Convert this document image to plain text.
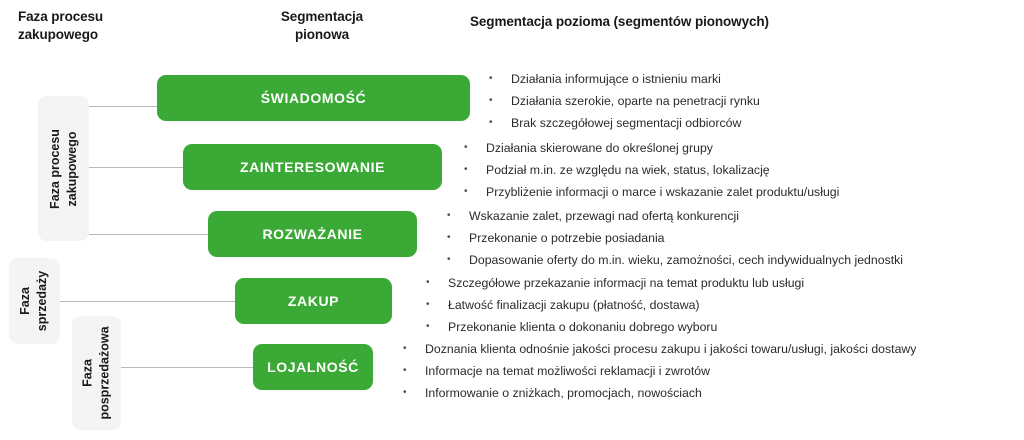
Faza procesu
zakupowego
Segmentacja
pionowa
Segmentacja pozioma (segmentów pionowych)
Faza procesu zakupowego
Faza sprzedaży
Faza posprzedażowa
ŚWIADOMOŚĆ
ZAINTERESOWANIE
ROZWAŻANIE
ZAKUP
LOJALNOŚĆ
• Działania informujące o istnieniu marki
• Działania szerokie, oparte na penetracji rynku
• Brak szczegółowej segmentacji odbiorców
• Działania skierowane do określonej grupy
• Podział m.in. ze względu na wiek, status, lokalizację
• Przybliżenie informacji o marce i wskazanie zalet produktu/usługi
• Wskazanie zalet, przewagi nad ofertą konkurencji
• Przekonanie o potrzebie posiadania
• Dopasowanie oferty do m.in. wieku, zamożności, cech indywidualnych jednostki
• Szczegółowe przekazanie informacji na temat produktu lub usługi
• Łatwość finalizacji zakupu (płatność, dostawa)
• Przekonanie klienta o dokonaniu dobrego wyboru
• Doznania klienta odnośnie jakości procesu zakupu i jakości towaru/usługi, jakości dostawy
• Informacje na temat możliwości reklamacji i zwrotów
• Informowanie o zniżkach, promocjach, nowościach
